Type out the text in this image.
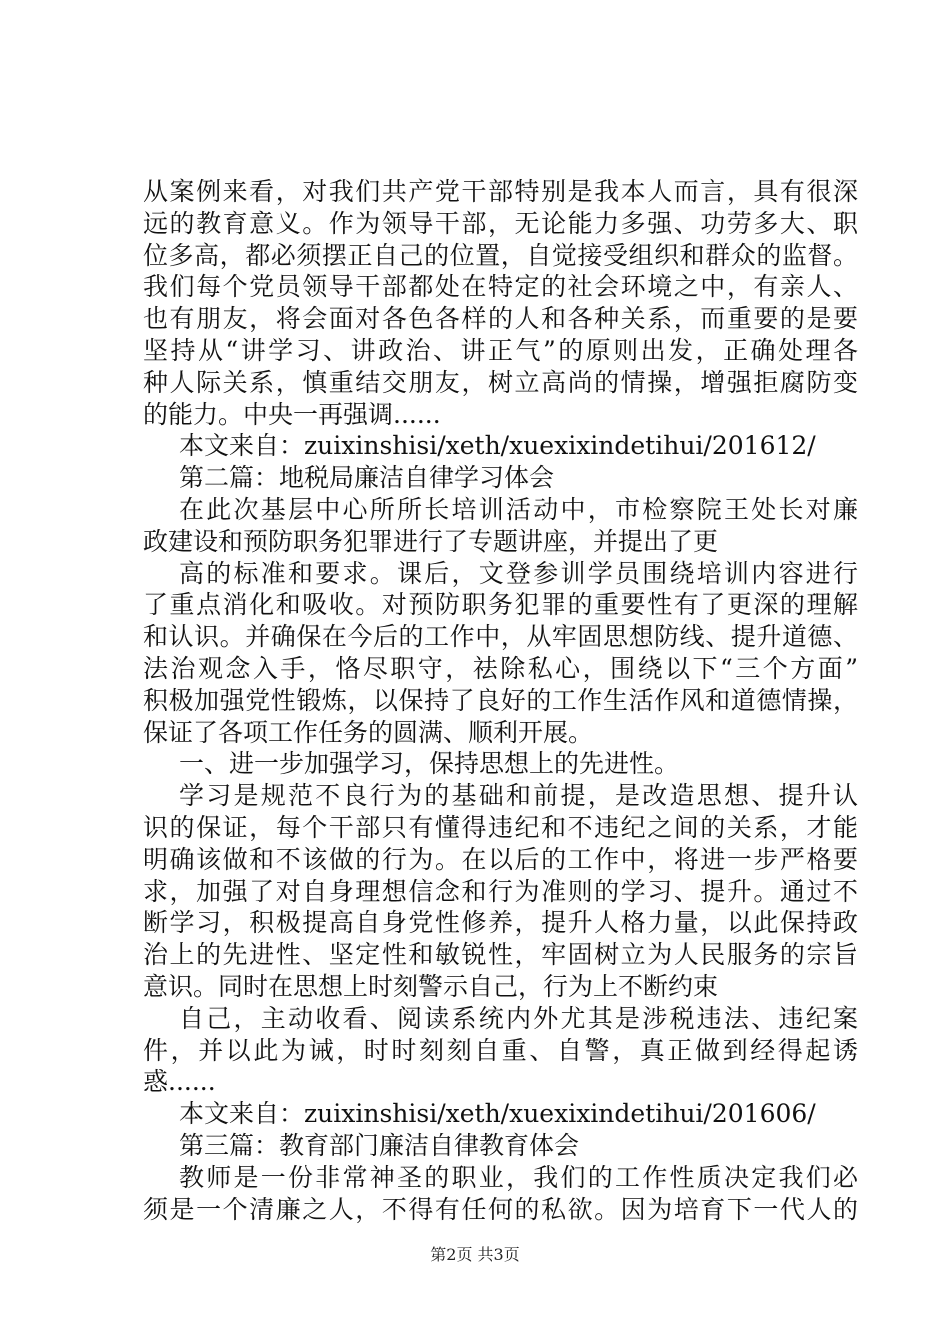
从案例来看，对我们共产党干部特别是我本人而言，具有很深
远的教育意义。作为领导干部，无论能力多强、功劳多大、职
位多高，都必须摆正自己的位置，自觉接受组织和群众的监督。
我们每个党员领导干部都处在特定的社会环境之中，有亲人、
也有朋友，将会面对各色各样的人和各种关系，而重要的是要
坚持从“讲学习、讲政治、讲正气”的原则出发，正确处理各
种人际关系，慎重结交朋友，树立高尚的情操，增强拒腐防变
的能力。中央一再强调......
本文来自：zuixinshisi/xeth/xuexixindetihui/201612/
第二篇：地税局廉洁自律学习体会
在此次基层中心所所长培训活动中，市检察院王处长对廉
政建设和预防职务犯罪进行了专题讲座，并提出了更
高的标准和要求。课后，文登参训学员围绕培训内容进行
了重点消化和吸收。对预防职务犯罪的重要性有了更深的理解
和认识。并确保在今后的工作中，从牢固思想防线、提升道德、
法治观念入手，恪尽职守，祛除私心，围绕以下“三个方面”
积极加强党性锻炼，以保持了良好的工作生活作风和道德情操，
保证了各项工作任务的圆满、顺利开展。
一、进一步加强学习，保持思想上的先进性。
学习是规范不良行为的基础和前提，是改造思想、提升认
识的保证，每个干部只有懂得违纪和不违纪之间的关系，才能
明确该做和不该做的行为。在以后的工作中，将进一步严格要
求，加强了对自身理想信念和行为准则的学习、提升。通过不
断学习，积极提高自身党性修养，提升人格力量，以此保持政
治上的先进性、坚定性和敏锐性，牢固树立为人民服务的宗旨
意识。同时在思想上时刻警示自己，行为上不断约束
自己，主动收看、阅读系统内外尤其是涉税违法、违纪案
件，并以此为诫，时时刻刻自重、自警，真正做到经得起诱
惑......
本文来自：zuixinshisi/xeth/xuexixindetihui/201606/
第三篇：教育部门廉洁自律教育体会
教师是一份非常神圣的职业，我们的工作性质决定我们必
须是一个清廉之人，不得有任何的私欲。因为培育下一代人的
第2页 共3页
